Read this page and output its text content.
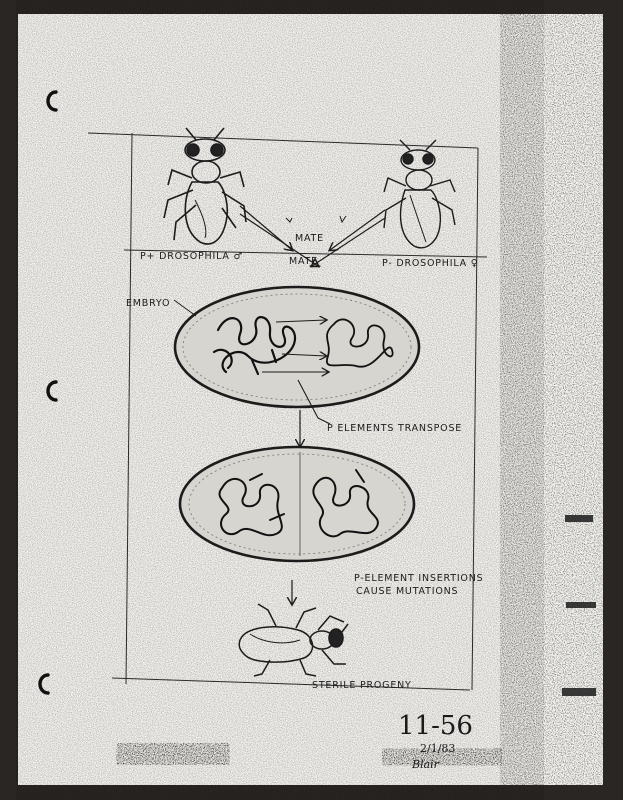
MATE
MATE
P+ DROSOPHILA ♂
P- DROSOPHILA ♀
EMBRYO
P ELEMENTS TRANSPOSE
P-ELEMENT INSERTIONS
CAUSE MUTATIONS
STERILE PROGENY
11-56
2/1/83
Blair
